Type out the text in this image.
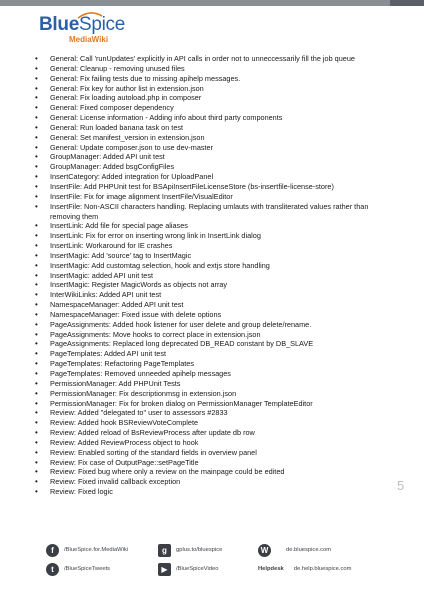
BlueSpice
MediaWiki
• General: Call 'runUpdates' explicitly in API calls in order not to unneccessarily fill the job queue
• General: Cleanup - removing unused files
• General: Fix failing tests due to missing apihelp messages.
• General: Fix key for author list in extension.json
• General: Fix loading autoload.php in composer
• General: Fixed composer dependency
• General: License information - Adding info about third party components
• General: Run loaded banana task on test
• General: Set manifest_version in extension.json
• General: Update composer.json to use dev-master
• GroupManager: Added API unit test
• GroupManager: Added bsgConfigFiles
• InsertCategory: Added integration for UploadPanel
• InsertFile: Add PHPUnit test for BSApiInsertFileLicenseStore (bs-insertfile-license-store)
• InsertFile: Fix for image alignment InsertFile/VisualEditor
• InsertFile: Non-ASCII characters handling. Replacing umlauts with transliterated values rather than removing them
• InsertLink: Add file for special page aliases
• InsertLink: Fix for error on inserting wrong link in InsertLink dialog
• InsertLink: Workaround for IE crashes
• InsertMagic: Add 'source' tag to InsertMagic
• InsertMagic: Add customtag selection, hook and extjs store handling
• InsertMagic: added API unit test
• InsertMagic: Register MagicWords as objects not array
• InterWikiLinks: Added API unit test
• NamespaceManager: Added API unit test
• NamespaceManager: Fixed issue with delete options
• PageAssignments: Added hook listener for user delete and group delete/rename.
• PageAssignments: Move hooks to correct place in extension.json
• PageAssignments: Replaced long deprecated DB_READ constant by DB_SLAVE
• PageTemplates: Added API unit test
• PageTemplates: Refactoring PageTemplates
• PageTemplates: Removed unneeded apihelp messages
• PermissionManager: Add PHPUnit Tests
• PermissionManager: Fix descriptionmsg in extension.json
• PermissionManager: Fix for broken dialog on PermissionManager TemplateEditor
• Review: Added "delegated to" user to assessors #2833
• Review: Added hook BSReviewVoteComplete
• Review: Added reload of BsReviewProcess after update db row
• Review: Added ReviewProcess object to hook
• Review: Enabled sorting of the standard fields in overview panel
• Review: Fix case of OutputPage::setPageTitle
• Review: Fixed bug where only a review on the mainpage could be edited
• Review: Fixed invalid callback exception
• Review: Fixed logic	5
f	/BlueSpice.for.MediaWiki	g	gplus.to/bluespice	W	de.bluespice.com
t	/BlueSpiceTweets	▶	/BlueSpiceVideo	Helpdesk de.help.bluespice.com
